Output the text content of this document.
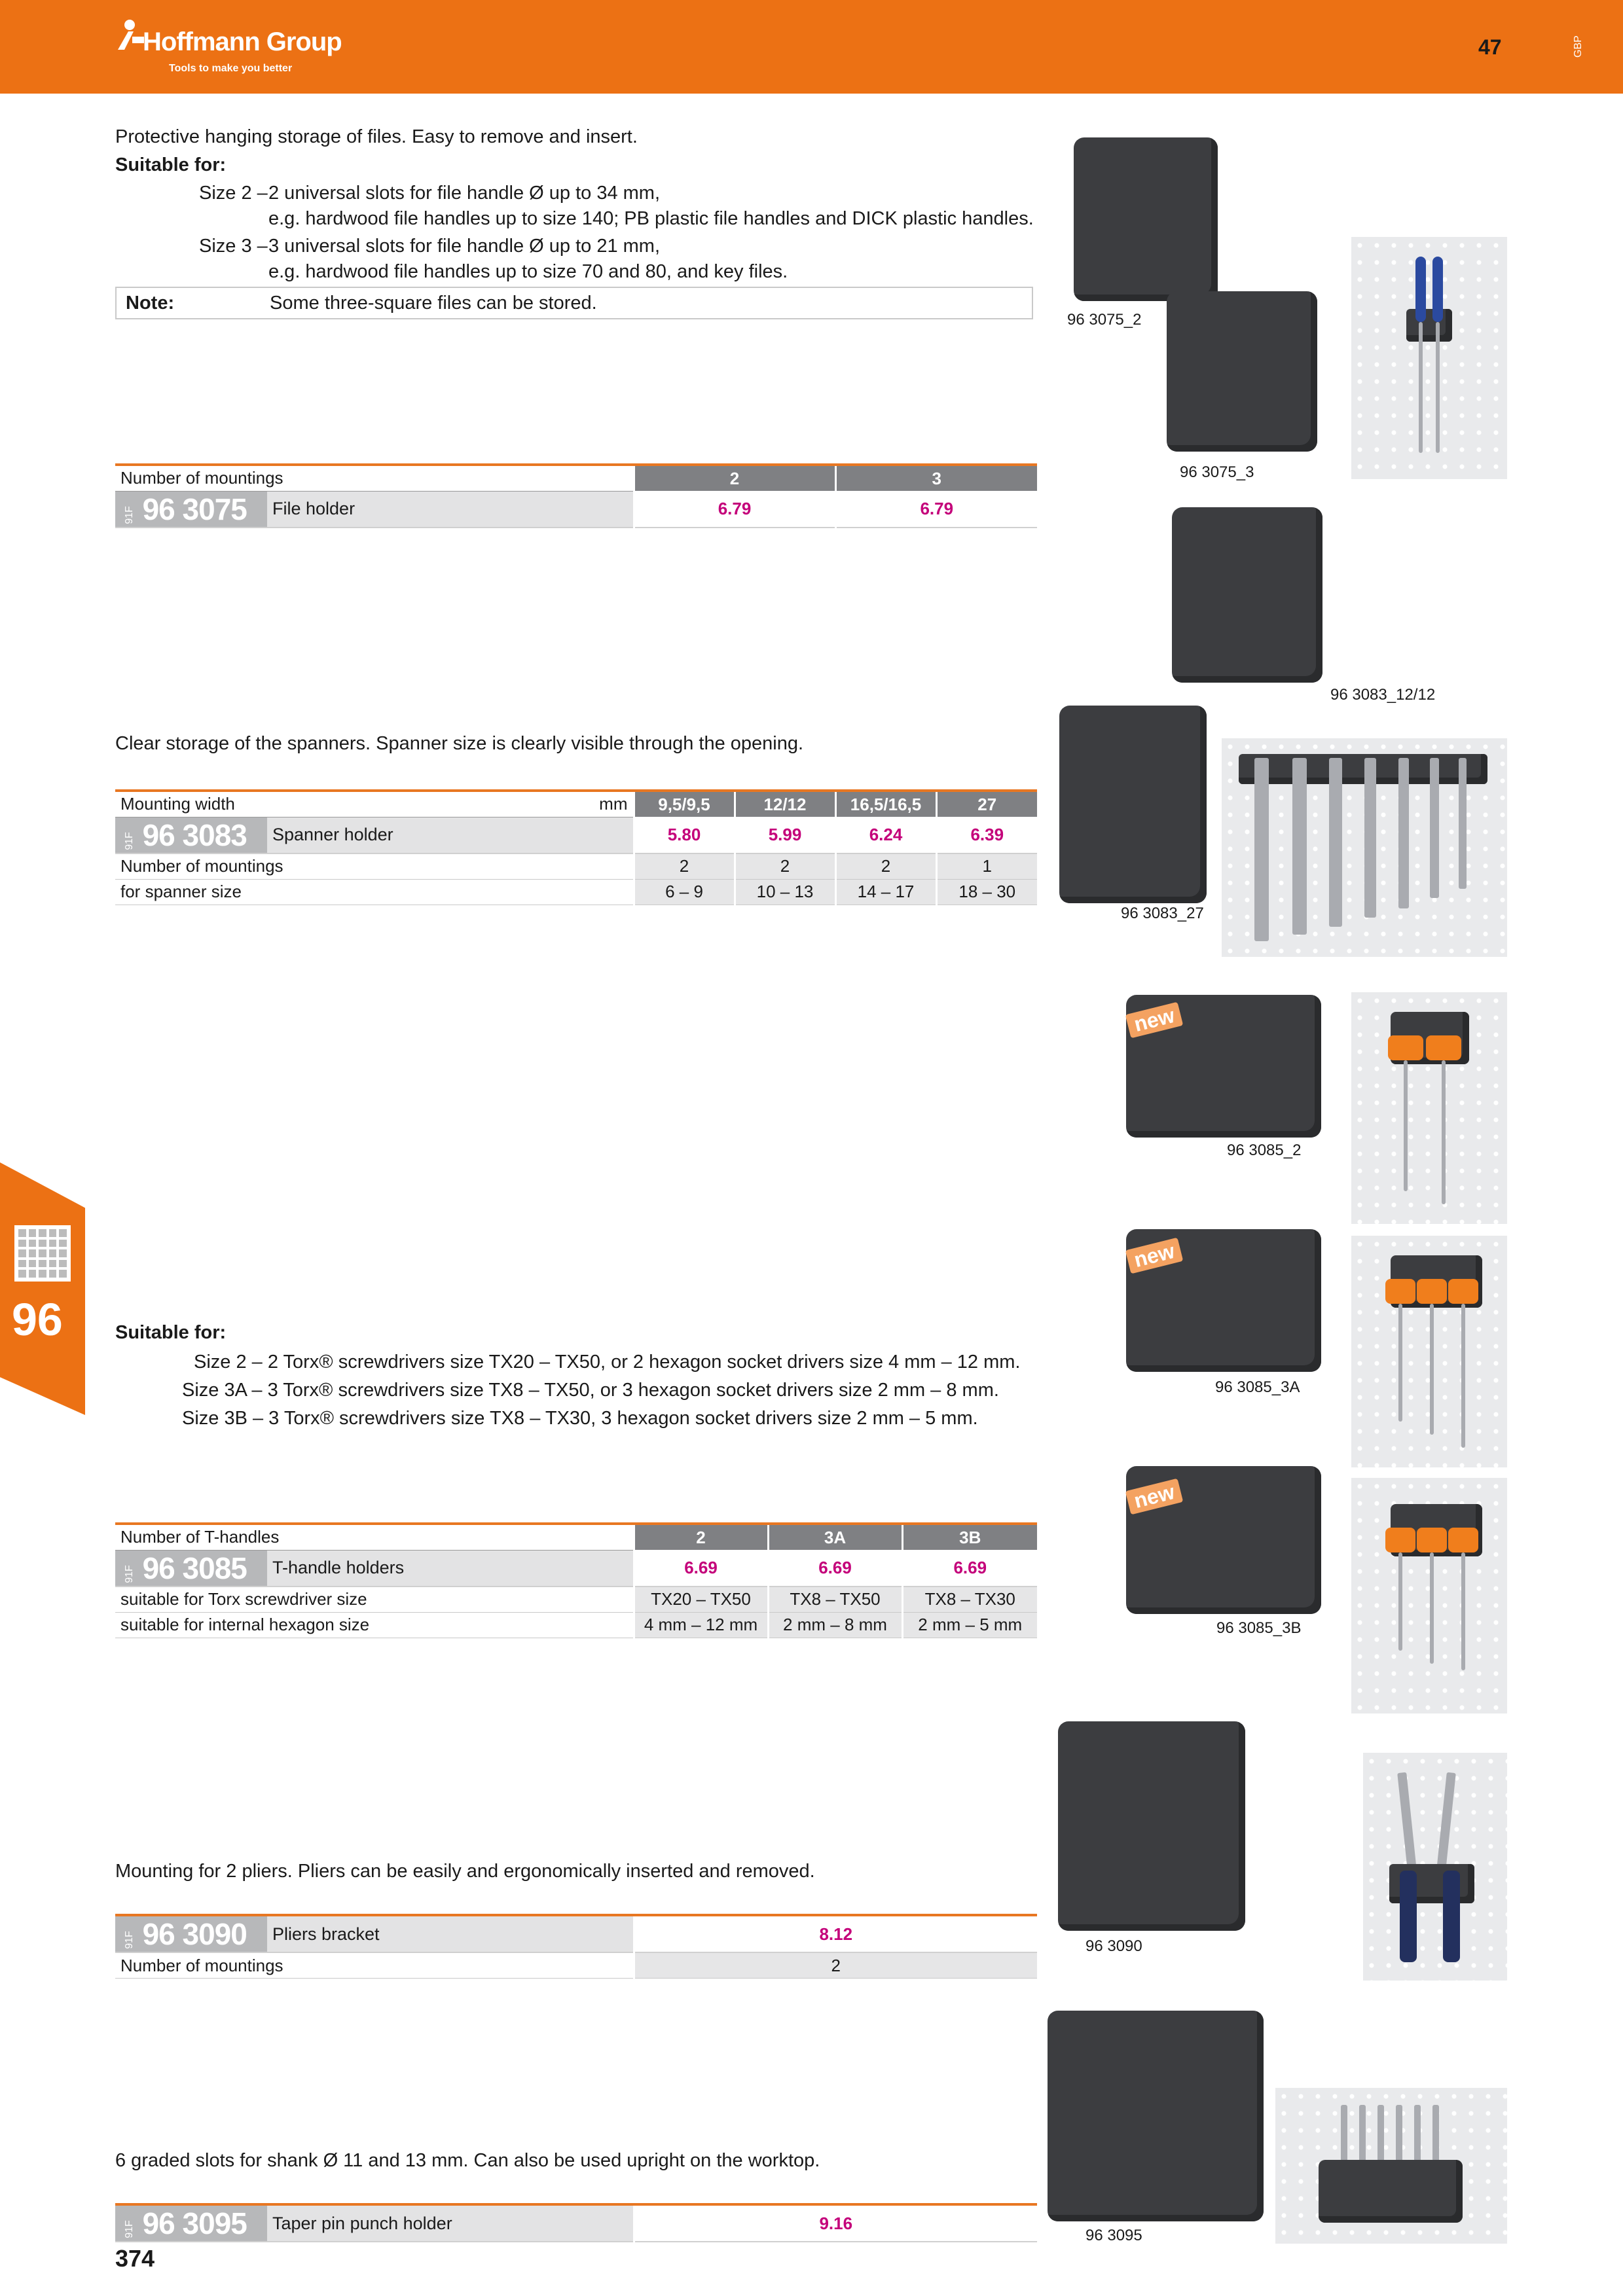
Hoffmann Group
Tools to make you better
47	GBP
96
Protective hanging storage of files. Easy to remove and insert.
Suitable for:
Size 2 – 2 universal slots for file handle Ø up to 34 mm,
e.g. hardwood file handles up to size 140; PB plastic file handles and DICK plastic handles.
Size 3 – 3 universal slots for file handle Ø up to 21 mm,
e.g. hardwood file handles up to size 70 and 80, and key files.
Note:	Some three-square files can be stored.
Number of mountings		2	3
91F 96 3075	File holder	6.79	6.79
96 3075_2
96 3075_3
96 3083_12/12
Clear storage of the spanners. Spanner size is clearly visible through the opening.
Mounting width mm		9,5/9,5	12/12	16,5/16,5	27
91F 96 3083	Spanner holder	5.80	5.99	6.24	6.39
Number of mountings		2	2	2	1
for spanner size		6 – 9	10 – 13	14 – 17	18 – 30
96 3083_27
new
96 3085_2
new
96 3085_3A
Suitable for:
Size 2 – 2 Torx® screwdrivers size TX20 – TX50, or 2 hexagon socket drivers size 4 mm – 12 mm.
Size 3A – 3 Torx® screwdrivers size TX8 – TX50, or 3 hexagon socket drivers size 2 mm – 8 mm.
Size 3B – 3 Torx® screwdrivers size TX8 – TX30, 3 hexagon socket drivers size 2 mm – 5 mm.
Number of T-handles		2	3A	3B
91F 96 3085	T-handle holders	6.69	6.69	6.69
suitable for Torx screwdriver size		TX20 – TX50	TX8 – TX50	TX8 – TX30
suitable for internal hexagon size		4 mm – 12 mm	2 mm – 8 mm	2 mm – 5 mm
new
96 3085_3B
96 3090
Mounting for 2 pliers. Pliers can be easily and ergonomically inserted and removed.
91F 96 3090	Pliers bracket	8.12
Number of mountings		2
96 3095
6 graded slots for shank Ø 11 and 13 mm. Can also be used upright on the worktop.
91F 96 3095	Taper pin punch holder	9.16
374
